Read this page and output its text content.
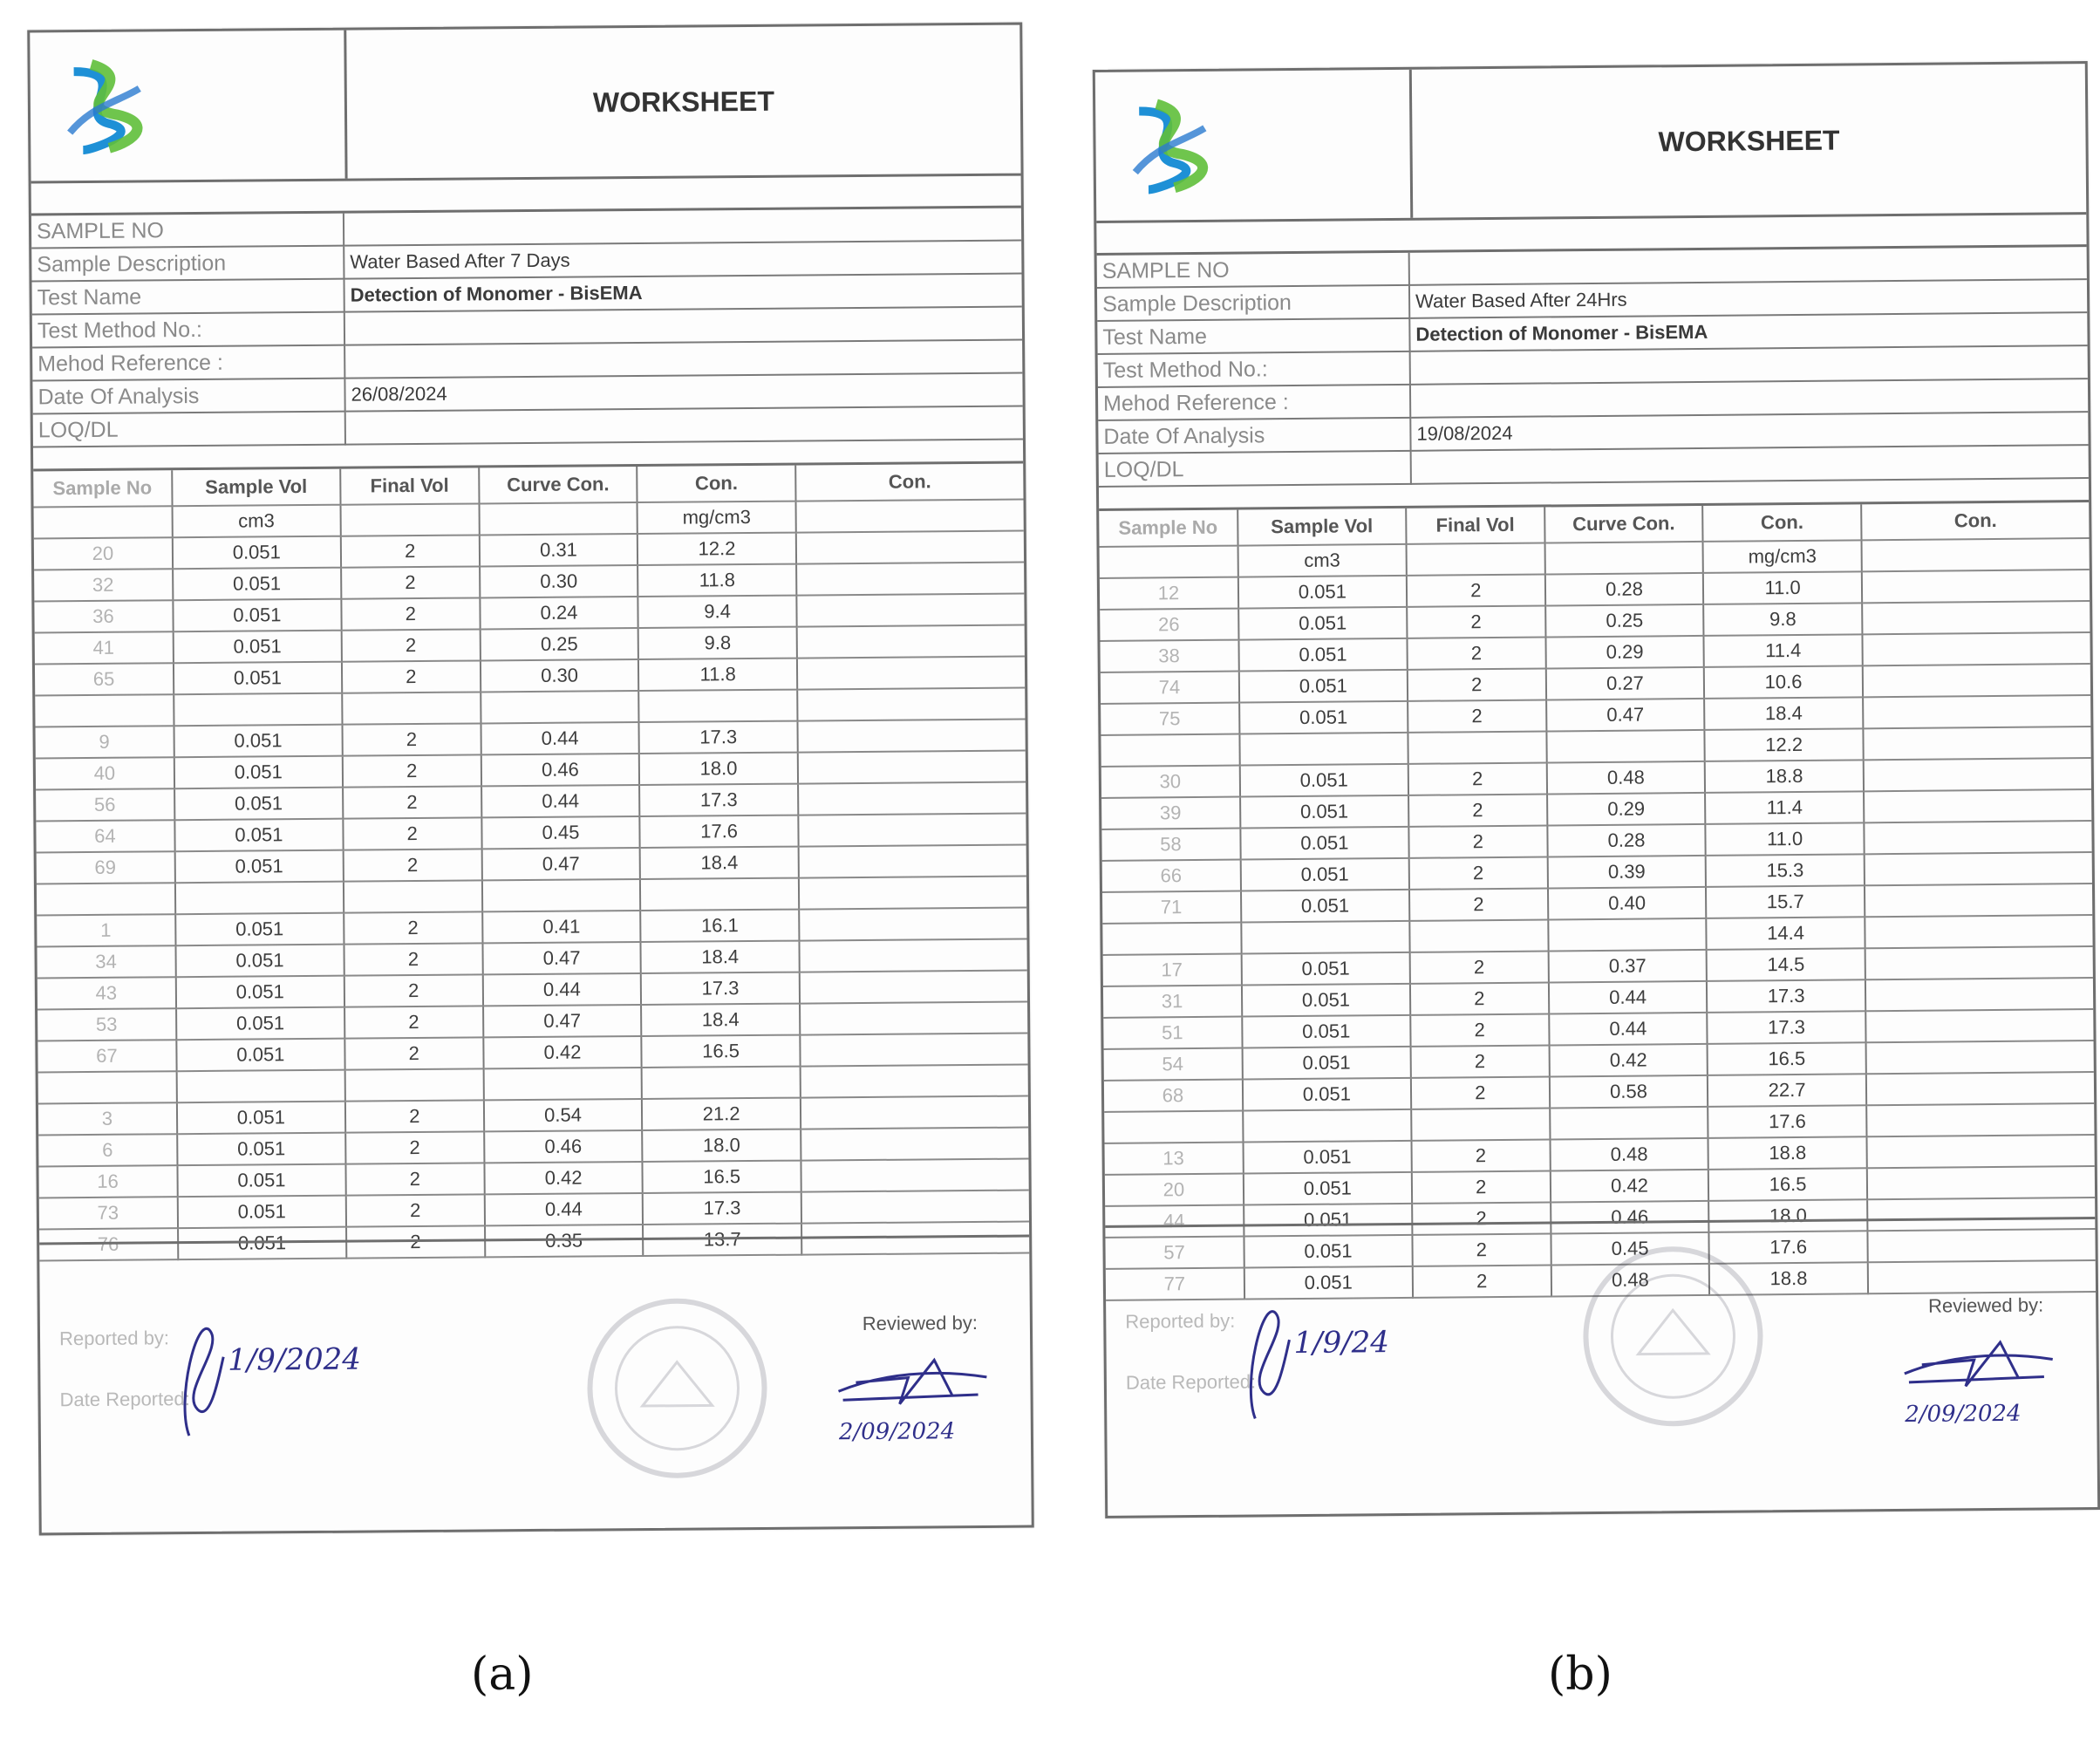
WORKSHEET
SAMPLE NO	
Sample Description	Water Based After 7 Days
Test Name	Detection of Monomer - BisEMA
Test Method No.:	
Mehod Reference :	
Date Of Analysis	26/08/2024
LOQ/DL	
Sample No	Sample Vol	Final Vol	Curve Con.	Con.	Con.
	cm3			mg/cm3	
20	0.051	2	0.31	12.2	
32	0.051	2	0.30	11.8	
36	0.051	2	0.24	9.4	
41	0.051	2	0.25	9.8	
65	0.051	2	0.30	11.8	

9	0.051	2	0.44	17.3	
40	0.051	2	0.46	18.0	
56	0.051	2	0.44	17.3	
64	0.051	2	0.45	17.6	
69	0.051	2	0.47	18.4	

1	0.051	2	0.41	16.1	
34	0.051	2	0.47	18.4	
43	0.051	2	0.44	17.3	
53	0.051	2	0.47	18.4	
67	0.051	2	0.42	16.5	

3	0.051	2	0.54	21.2	
6	0.051	2	0.46	18.0	
16	0.051	2	0.42	16.5	
73	0.051	2	0.44	17.3	
76	0.051	2	0.35	13.7	
Reported by:
Date Reported:
1/9/2024
Reviewed by:
2/09/2024
(a)
WORKSHEET
SAMPLE NO	
Sample Description	Water Based After 24Hrs
Test Name	Detection of Monomer - BisEMA
Test Method No.:	
Mehod Reference :	
Date Of Analysis	19/08/2024
LOQ/DL	
Sample No	Sample Vol	Final Vol	Curve Con.	Con.	Con.
	cm3			mg/cm3	
12	0.051	2	0.28	11.0	
26	0.051	2	0.25	9.8	
38	0.051	2	0.29	11.4	
74	0.051	2	0.27	10.6	
75	0.051	2	0.47	18.4	
				12.2	
30	0.051	2	0.48	18.8	
39	0.051	2	0.29	11.4	
58	0.051	2	0.28	11.0	
66	0.051	2	0.39	15.3	
71	0.051	2	0.40	15.7	
				14.4	
17	0.051	2	0.37	14.5	
31	0.051	2	0.44	17.3	
51	0.051	2	0.44	17.3	
54	0.051	2	0.42	16.5	
68	0.051	2	0.58	22.7	
				17.6	
13	0.051	2	0.48	18.8	
20	0.051	2	0.42	16.5	
44	0.051	2	0.46	18.0	
57	0.051	2	0.45	17.6	
77	0.051	2	0.48	18.8	
Reported by:
Date Reported:
1/9/24
Reviewed by:
2/09/2024
(b)
